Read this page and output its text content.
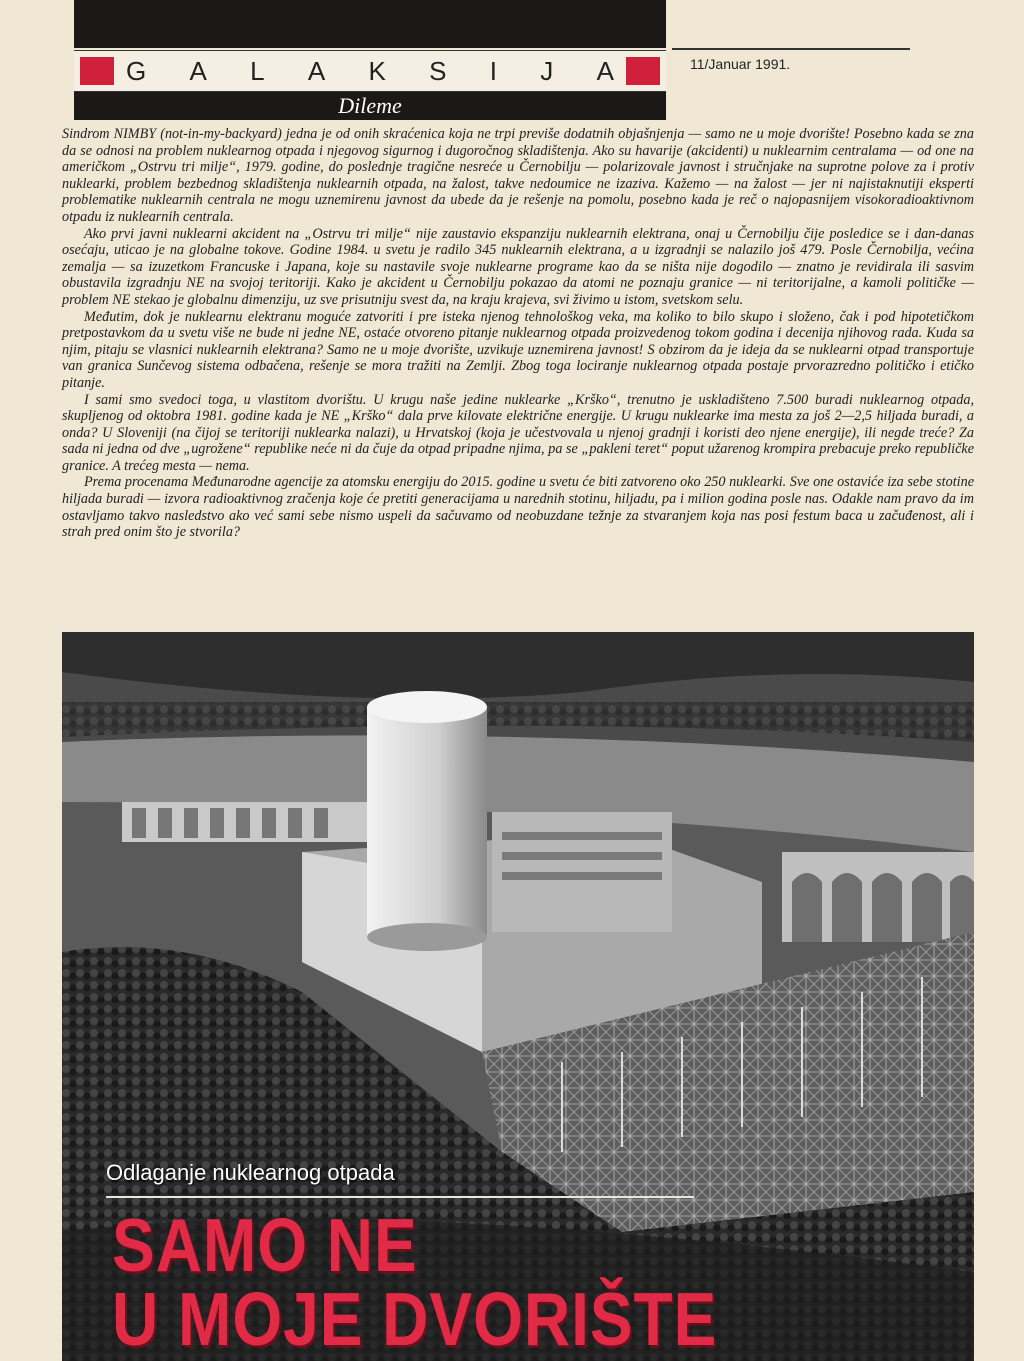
G A L A K S I J A	11/Januar 1991.
Dileme

Sindrom NIMBY (not-in-my-backyard) jedna je od onih skraćenica koja ne trpi previše dodatnih objašnjenja — samo ne u moje dvorište! Posebno kada se zna da se odnosi na problem nuklearnog otpada i njegovog sigurnog i dugoročnog skladištenja. Ako su havarije (akcidenti) u nuklearnim centralama — od one na američkom „Ostrvu tri milje“, 1979. godine, do poslednje tragične nesreće u Černobilju — polarizovale javnost i stručnjake na suprotne polove za i protiv nuklearki, problem bezbednog skladištenja nuklearnih otpada, na žalost, takve nedoumice ne izaziva. Kažemo — na žalost — jer ni najistaknutiji eksperti problematike nuklearnih centrala ne mogu uznemirenu javnost da ubede da je rešenje na pomolu, posebno kada je reč o najopasnijem visokoradioaktivnom otpadu iz nuklearnih centrala.

Ako prvi javni nuklearni akcident na „Ostrvu tri milje“ nije zaustavio ekspanziju nuklearnih elektrana, onaj u Černobilju čije posledice se i dan-danas osećaju, uticao je na globalne tokove. Godine 1984. u svetu je radilo 345 nuklearnih elektrana, a u izgradnji se nalazilo još 479. Posle Černobilja, većina zemalja — sa izuzetkom Francuske i Japana, koje su nastavile svoje nuklearne programe kao da se ništa nije dogodilo — znatno je revidirala ili sasvim obustavila izgradnju NE na svojoj teritoriji. Kako je akcident u Černobilju pokazao da atomi ne poznaju granice — ni teritorijalne, a kamoli političke — problem NE stekao je globalnu dimenziju, uz sve prisutniju svest da, na kraju krajeva, svi živimo u istom, svetskom selu.

Međutim, dok je nuklearnu elektranu moguće zatvoriti i pre isteka njenog tehnološkog veka, ma koliko to bilo skupo i složeno, čak i pod hipotetičkom pretpostavkom da u svetu više ne bude ni jedne NE, ostaće otvoreno pitanje nuklearnog otpada proizvedenog tokom godina i decenija njihovog rada. Kuda sa njim, pitaju se vlasnici nuklearnih elektrana? Samo ne u moje dvorište, uzvikuje uznemirena javnost! S obzirom da je ideja da se nuklearni otpad transportuje van granica Sunčevog sistema odbačena, rešenje se mora tražiti na Zemlji. Zbog toga lociranje nuklearnog otpada postaje prvorazredno političko i etičko pitanje.

I sami smo svedoci toga, u vlastitom dvorištu. U krugu naše jedine nuklearke „Krško“, trenutno je uskladišteno 7.500 buradi nuklearnog otpada, skupljenog od oktobra 1981. godine kada je NE „Krško“ dala prve kilovate električne energije. U krugu nuklearke ima mesta za još 2—2,5 hiljada buradi, a onda? U Sloveniji (na čijoj se teritoriji nuklearka nalazi), u Hrvatskoj (koja je učestvovala u njenoj gradnji i koristi deo njene energije), ili negde treće? Za sada ni jedna od dve „ugrožene“ republike neće ni da čuje da otpad pripadne njima, pa se „pakleni teret“ poput užarenog krompira prebacuje preko republičke granice. A trećeg mesta — nema.

Prema procenama Međunarodne agencije za atomsku energiju do 2015. godine u svetu će biti zatvoreno oko 250 nuklearki. Sve one ostaviće iza sebe stotine hiljada buradi — izvora radioaktivnog zračenja koje će pretiti generacijama u narednih stotinu, hiljadu, pa i milion godina posle nas. Odakle nam pravo da im ostavljamo takvo nasledstvo ako već sami sebe nismo uspeli da sačuvamo od neobuzdane težnje za stvaranjem koja nas posi festum baca u začuđenost, ali i strah pred onim što je stvorila?

Odlaganje nuklearnog otpada
SAMO NE
U MOJE DVORIŠTE
